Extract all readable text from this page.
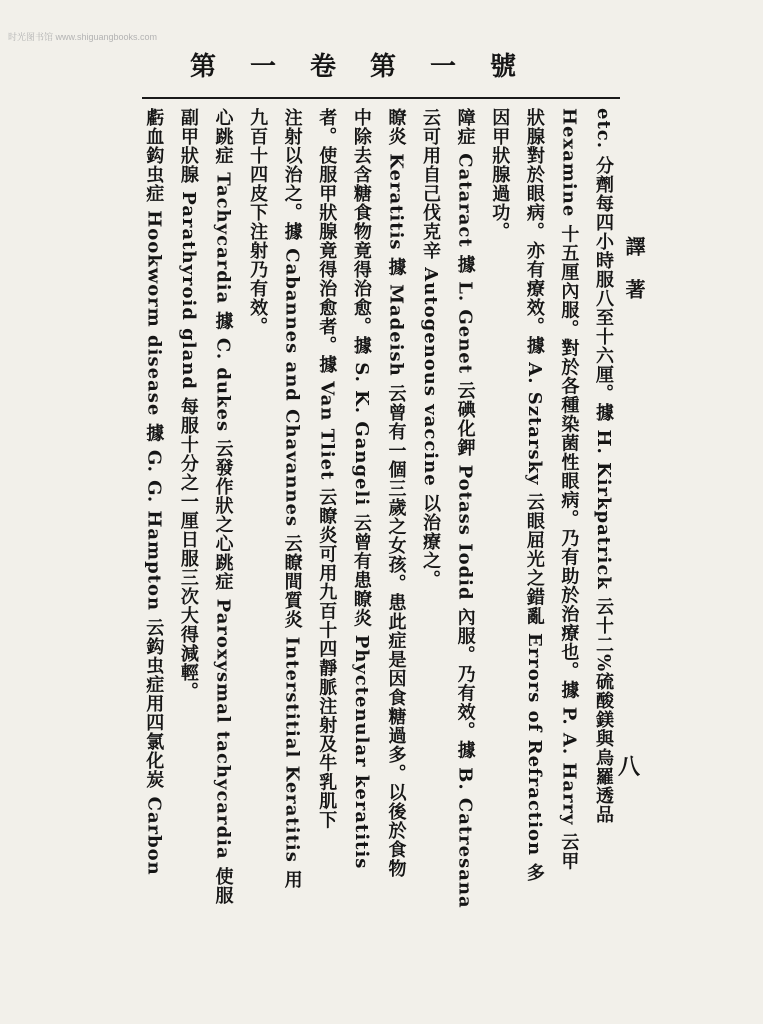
时光图书馆 www.shiguangbooks.com
第一卷第一號
譯 著
八
etc. 分劑每四小時服八至十六厘。據 H. Kirkpatrick 云十二%硫酸鎂與烏羅透品
Hexamine 十五厘內服。對於各種染菌性眼病。乃有助於治療也。據 P. A. Harry 云甲
狀腺對於眼病。亦有療效。據 A. Sztarsky 云眼屈光之錯亂 Errors of Refraction 多
因甲狀腺過功。
障症 Cataract 據 L. Genet 云碘化鉀 Potass Iodid 內服。乃有效。據 B. Catresana
云可用自己伐克辛 Autogenous vaccine 以治療之。
瞭炎 Keratitis 據 Madeish 云曾有一個三歲之女孩。患此症是因食糖過多。以後於食物
中除去含糖食物竟得治愈。據 S. K. Gangeli 云曾有患瞭炎 Phyctenular keratitis
者。使服甲狀腺竟得治愈者。據 Van Tliet 云瞭炎可用九百十四靜脈注射及牛乳肌下
注射以治之。據 Cabannes and Chavannes 云瞭間質炎 Interstitial Keratitis 用
九百十四皮下注射乃有效。
心跳症 Tachycardia 據 C. dukes 云發作狀之心跳症 Paroxysmal tachycardia 使服
副甲狀腺 Parathyroid gland 每服十分之一厘日服三次大得減輕。
虧血鈎虫症 Hookworm disease 據 G. G. Hampton 云鈎虫症用四氯化炭 Carbon
